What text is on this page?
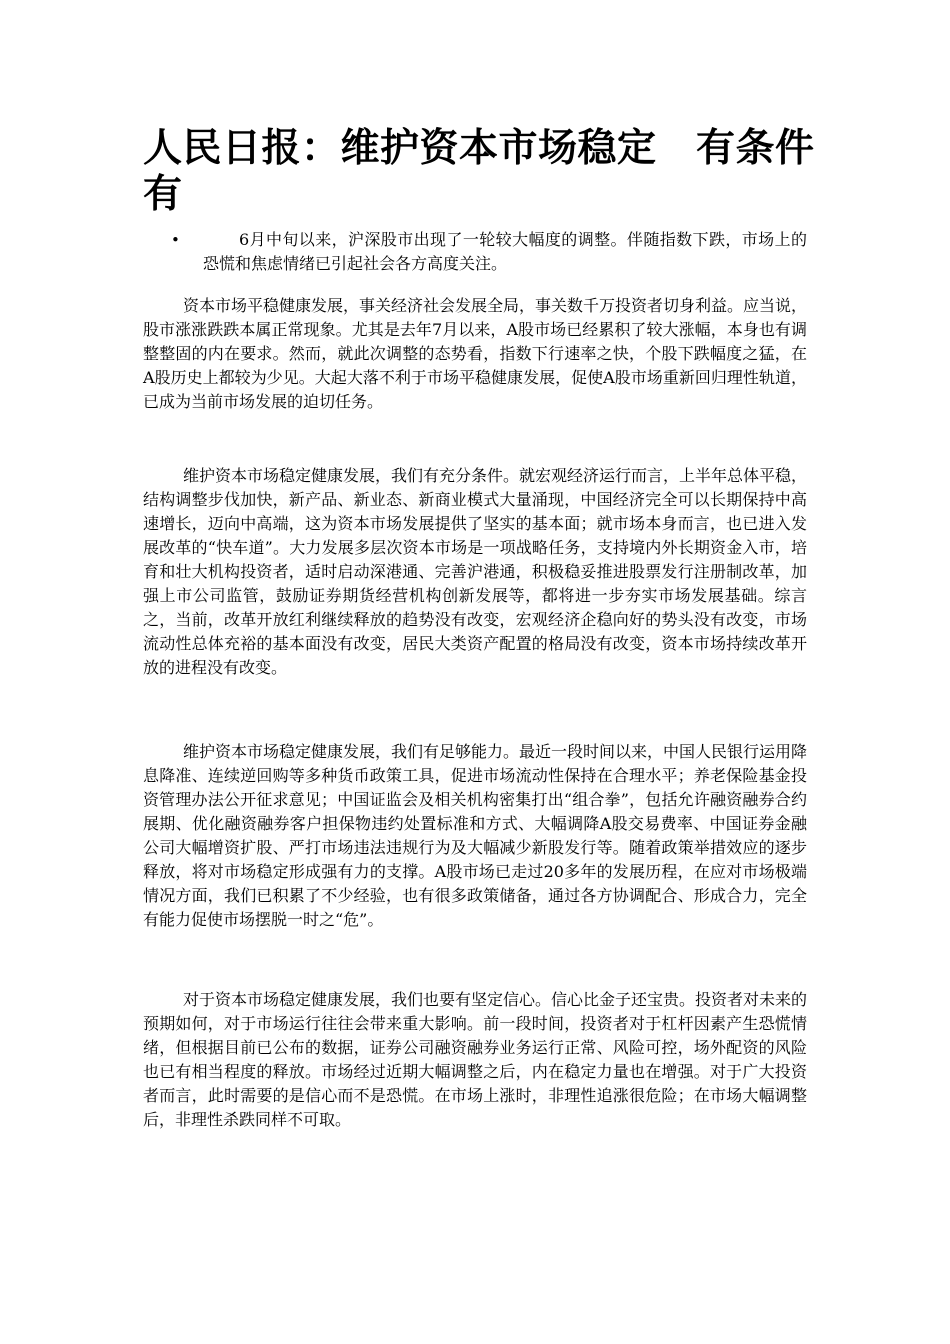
人民日报：维护资本市场稳定　有条件有
•	6月中旬以来，沪深股市出现了一轮较大幅度的调整。伴随指数下跌，市场上的恐慌和焦虑情绪已引起社会各方高度关注。

资本市场平稳健康发展，事关经济社会发展全局，事关数千万投资者切身利益。应当说，股市涨涨跌跌本属正常现象。尤其是去年7月以来，A股市场已经累积了较大涨幅，本身也有调整整固的内在要求。然而，就此次调整的态势看，指数下行速率之快，个股下跌幅度之猛，在A股历史上都较为少见。大起大落不利于市场平稳健康发展，促使A股市场重新回归理性轨道，已成为当前市场发展的迫切任务。

维护资本市场稳定健康发展，我们有充分条件。就宏观经济运行而言，上半年总体平稳，结构调整步伐加快，新产品、新业态、新商业模式大量涌现，中国经济完全可以长期保持中高速增长，迈向中高端，这为资本市场发展提供了坚实的基本面；就市场本身而言，也已进入发展改革的“快车道”。大力发展多层次资本市场是一项战略任务，支持境内外长期资金入市，培育和壮大机构投资者，适时启动深港通、完善沪港通，积极稳妥推进股票发行注册制改革，加强上市公司监管，鼓励证券期货经营机构创新发展等，都将进一步夯实市场发展基础。综言之，当前，改革开放红利继续释放的趋势没有改变，宏观经济企稳向好的势头没有改变，市场流动性总体充裕的基本面没有改变，居民大类资产配置的格局没有改变，资本市场持续改革开放的进程没有改变。

维护资本市场稳定健康发展，我们有足够能力。最近一段时间以来，中国人民银行运用降息降准、连续逆回购等多种货币政策工具，促进市场流动性保持在合理水平；养老保险基金投资管理办法公开征求意见；中国证监会及相关机构密集打出“组合拳”，包括允许融资融券合约展期、优化融资融券客户担保物违约处置标准和方式、大幅调降A股交易费率、中国证券金融公司大幅增资扩股、严打市场违法违规行为及大幅减少新股发行等。随着政策举措效应的逐步释放，将对市场稳定形成强有力的支撑。A股市场已走过20多年的发展历程，在应对市场极端情况方面，我们已积累了不少经验，也有很多政策储备，通过各方协调配合、形成合力，完全有能力促使市场摆脱一时之“危”。

对于资本市场稳定健康发展，我们也要有坚定信心。信心比金子还宝贵。投资者对未来的预期如何，对于市场运行往往会带来重大影响。前一段时间，投资者对于杠杆因素产生恐慌情绪，但根据目前已公布的数据，证券公司融资融券业务运行正常、风险可控，场外配资的风险也已有相当程度的释放。市场经过近期大幅调整之后，内在稳定力量也在增强。对于广大投资者而言，此时需要的是信心而不是恐慌。在市场上涨时，非理性追涨很危险；在市场大幅调整后，非理性杀跌同样不可取。
